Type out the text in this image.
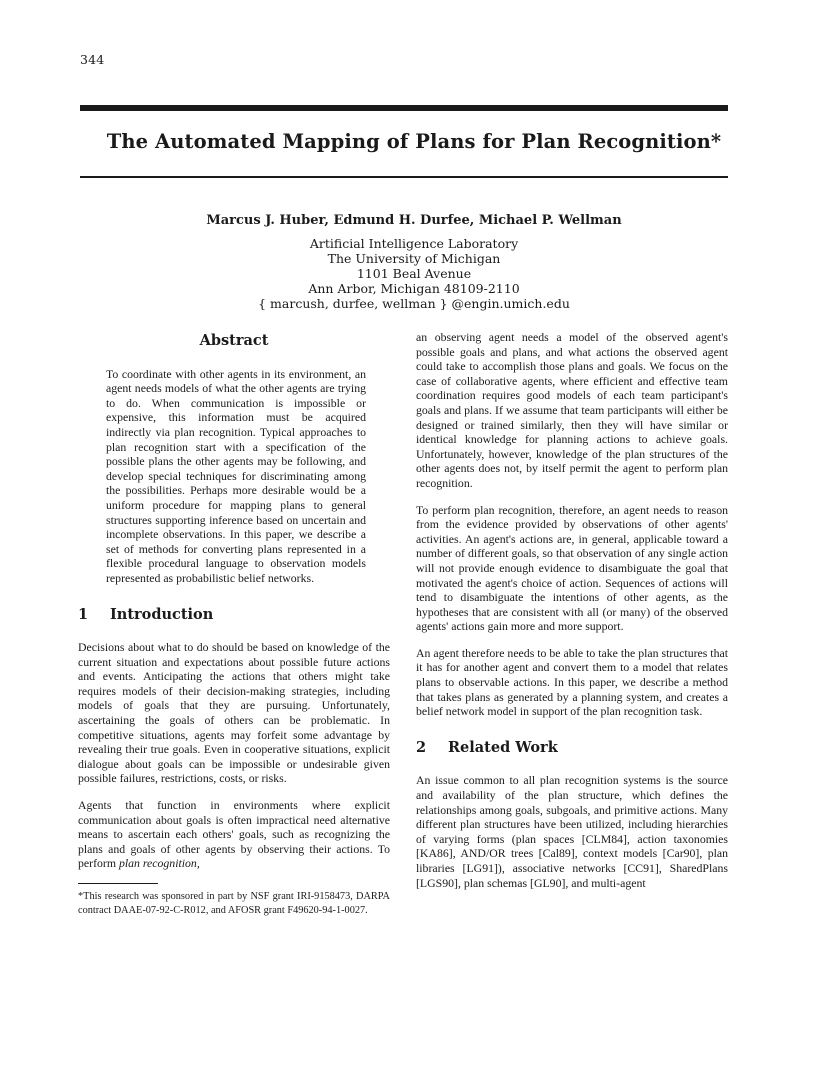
344
The Automated Mapping of Plans for Plan Recognition*
Marcus J. Huber, Edmund H. Durfee, Michael P. Wellman
Artificial Intelligence Laboratory
The University of Michigan
1101 Beal Avenue
Ann Arbor, Michigan 48109-2110
{ marcush, durfee, wellman } @engin.umich.edu
Abstract

To coordinate with other agents in its environment, an agent needs models of what the other agents are trying to do. When communication is impossible or expensive, this information must be acquired indirectly via plan recognition. Typical approaches to plan recognition start with a specification of the possible plans the other agents may be following, and develop special techniques for discriminating among the possibilities. Perhaps more desirable would be a uniform procedure for mapping plans to general structures supporting inference based on uncertain and incomplete observations. In this paper, we describe a set of methods for converting plans represented in a flexible procedural language to observation models represented as probabilistic belief networks.

1 Introduction

Decisions about what to do should be based on knowledge of the current situation and expectations about possible future actions and events. Anticipating the actions that others might take requires models of their decision-making strategies, including models of goals that they are pursuing. Unfortunately, ascertaining the goals of others can be problematic. In competitive situations, agents may forfeit some advantage by revealing their true goals. Even in cooperative situations, explicit dialogue about goals can be impossible or undesirable given possible failures, restrictions, costs, or risks.

Agents that function in environments where explicit communication about goals is often impractical need alternative means to ascertain each others' goals, such as recognizing the plans and goals of other agents by observing their actions. To perform plan recognition,

*This research was sponsored in part by NSF grant IRI-9158473, DARPA contract DAAE-07-92-C-R012, and AFOSR grant F49620-94-1-0027.

an observing agent needs a model of the observed agent's possible goals and plans, and what actions the observed agent could take to accomplish those plans and goals. We focus on the case of collaborative agents, where efficient and effective team coordination requires good models of each team participant's goals and plans. If we assume that team participants will either be designed or trained similarly, then they will have similar or identical knowledge for planning actions to achieve goals. Unfortunately, however, knowledge of the plan structures of the other agents does not, by itself permit the agent to perform plan recognition.

To perform plan recognition, therefore, an agent needs to reason from the evidence provided by observations of other agents' activities. An agent's actions are, in general, applicable toward a number of different goals, so that observation of any single action will not provide enough evidence to disambiguate the goal that motivated the agent's choice of action. Sequences of actions will tend to disambiguate the intentions of other agents, as the hypotheses that are consistent with all (or many) of the observed agents' actions gain more and more support.

An agent therefore needs to be able to take the plan structures that it has for another agent and convert them to a model that relates plans to observable actions. In this paper, we describe a method that takes plans as generated by a planning system, and creates a belief network model in support of the plan recognition task.

2 Related Work

An issue common to all plan recognition systems is the source and availability of the plan structure, which defines the relationships among goals, subgoals, and primitive actions. Many different plan structures have been utilized, including hierarchies of varying forms (plan spaces [CLM84], action taxonomies [KA86], AND/OR trees [Cal89], context models [Car90], plan libraries [LG91]), associative networks [CC91], SharedPlans [LGS90], plan schemas [GL90], and multi-agent
